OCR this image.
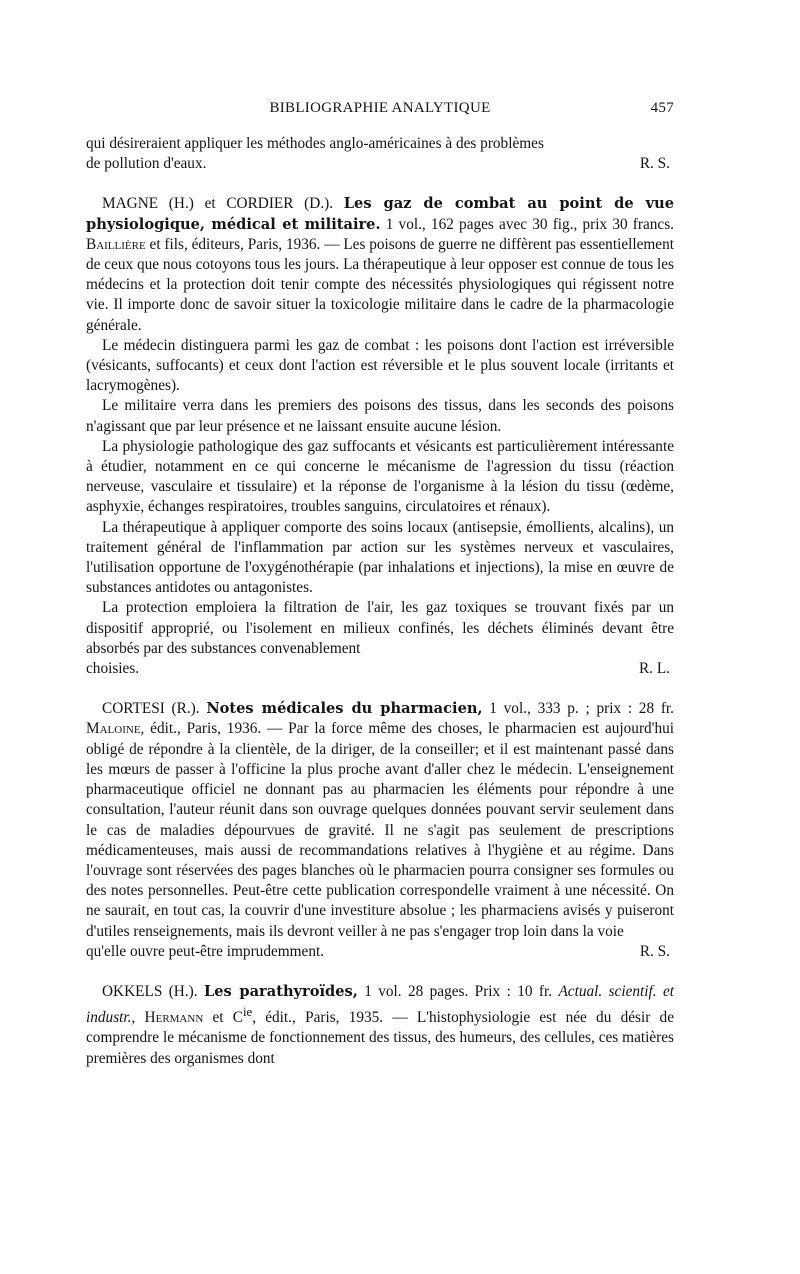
BIBLIOGRAPHIE ANALYTIQUE	457

qui désireraient appliquer les méthodes anglo-américaines à des problèmes

de pollution d'eaux.	R. S.

MAGNE (H.) et CORDIER (D.). Les gaz de combat au point de vue physiologique, médical et militaire. 1 vol., 162 pages avec 30 fig., prix 30 francs. Baillière et fils, éditeurs, Paris, 1936. — Les poisons de guerre ne diffèrent pas essentiellement de ceux que nous cotoyons tous les jours. La thérapeutique à leur opposer est connue de tous les médecins et la protection doit tenir compte des nécessités physiologiques qui régissent notre vie. Il importe donc de savoir situer la toxicologie militaire dans le cadre de la pharmacologie générale.

Le médecin distinguera parmi les gaz de combat : les poisons dont l'action est irréversible (vésicants, suffocants) et ceux dont l'action est réversible et le plus souvent locale (irritants et lacrymogènes).

Le militaire verra dans les premiers des poisons des tissus, dans les seconds des poisons n'agissant que par leur présence et ne laissant ensuite aucune lésion.

La physiologie pathologique des gaz suffocants et vésicants est particulièrement intéressante à étudier, notamment en ce qui concerne le mécanisme de l'agression du tissu (réaction nerveuse, vasculaire et tissulaire) et la réponse de l'organisme à la lésion du tissu (œdème, asphyxie, échanges respiratoires, troubles sanguins, circulatoires et rénaux).

La thérapeutique à appliquer comporte des soins locaux (antisepsie, émollients, alcalins), un traitement général de l'inflammation par action sur les systèmes nerveux et vasculaires, l'utilisation opportune de l'oxygénothérapie (par inhalations et injections), la mise en œuvre de substances antidotes ou antagonistes.

La protection emploiera la filtration de l'air, les gaz toxiques se trouvant fixés par un dispositif approprié, ou l'isolement en milieux confinés, les déchets éliminés devant être absorbés par des substances convenablement

choisies.	R. L.

CORTESI (R.). Notes médicales du pharmacien, 1 vol., 333 p. ; prix : 28 fr. Maloine, édit., Paris, 1936. — Par la force même des choses, le pharmacien est aujourd'hui obligé de répondre à la clientèle, de la diriger, de la conseiller; et il est maintenant passé dans les mœurs de passer à l'officine la plus proche avant d'aller chez le médecin. L'enseignement pharmaceutique officiel ne donnant pas au pharmacien les éléments pour répondre à une consultation, l'auteur réunit dans son ouvrage quelques données pouvant servir seulement dans le cas de maladies dépourvues de gravité. Il ne s'agit pas seulement de prescriptions médicamenteuses, mais aussi de recommandations relatives à l'hygiène et au régime. Dans l'ouvrage sont réservées des pages blanches où le pharmacien pourra consigner ses formules ou des notes personnelles. Peut-être cette publication correspondelle vraiment à une nécessité. On ne saurait, en tout cas, la couvrir d'une investiture absolue ; les pharmaciens avisés y puiseront d'utiles renseignements, mais ils devront veiller à ne pas s'engager trop loin dans la voie

qu'elle ouvre peut-être imprudemment.	R. S.

OKKELS (H.). Les parathyroïdes, 1 vol. 28 pages. Prix : 10 fr. Actual. scientif. et industr., Hermann et $C^{ie}$, édit., Paris, 1935. — L'histophysiologie est née du désir de comprendre le mécanisme de fonctionnement des tissus, des humeurs, des cellules, ces matières premières des organismes dont
